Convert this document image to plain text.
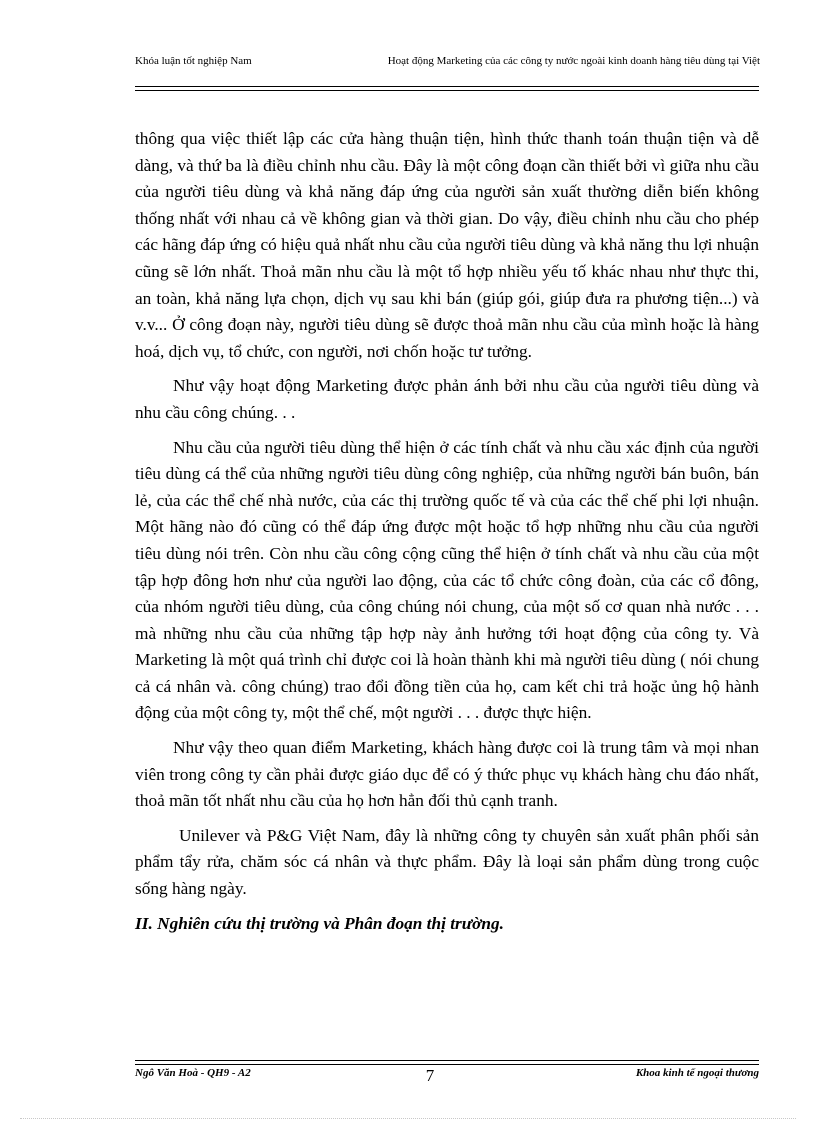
Khóa luận tốt nghiệp Nam	Hoạt động Marketing của các công ty nước ngoài kinh doanh hàng tiêu dùng tại Việt

thông qua việc thiết lập các cửa hàng thuận tiện, hình thức thanh toán thuận tiện và dễ dàng, và thứ ba là điều chỉnh nhu cầu. Đây là một công đoạn cần thiết bởi vì giữa nhu cầu của người tiêu dùng và khả năng đáp ứng của người sản xuất thường diễn biến không thống nhất với nhau cả về không gian và thời gian. Do vậy, điều chỉnh nhu cầu cho phép các hãng đáp ứng có hiệu quả nhất nhu cầu của người tiêu dùng và khả năng thu lợi nhuận cũng sẽ lớn nhất. Thoả mãn nhu cầu là một tổ hợp nhiều yếu tố khác nhau như thực thi, an toàn, khả năng lựa chọn, dịch vụ sau khi bán (giúp gói, giúp đưa ra phương tiện...) và v.v... Ở công đoạn này, người tiêu dùng sẽ được thoả mãn nhu cầu của mình hoặc là hàng hoá, dịch vụ, tổ chức, con người, nơi chốn hoặc tư tưởng.

Như vậy hoạt động Marketing được phản ánh bởi nhu cầu của người tiêu dùng và nhu cầu công chúng. . .

Nhu cầu của người tiêu dùng thể hiện ở các tính chất và nhu cầu xác định của người tiêu dùng cá thể của những người tiêu dùng công nghiệp, của những người bán buôn, bán lẻ, của các thể chế nhà nước, của các thị trường quốc tế và của các thể chế phi lợi nhuận. Một hãng nào đó cũng có thể đáp ứng được một hoặc tổ hợp những nhu cầu của người tiêu dùng nói trên. Còn nhu cầu công cộng cũng thể hiện ở tính chất và nhu cầu của một tập hợp đông hơn như của người lao động, của các tổ chức công đoàn, của các cổ đông, của nhóm người tiêu dùng, của công chúng nói chung, của một số cơ quan nhà nước . . . mà những nhu cầu của những tập hợp này ảnh hưởng tới hoạt động của công ty. Và Marketing là một quá trình chỉ được coi là hoàn thành khi mà người tiêu dùng ( nói chung cả cá nhân và. công chúng) trao đổi đồng tiền của họ, cam kết chi trả hoặc ủng hộ hành động của một công ty, một thể chế, một người . . . được thực hiện.

Như vậy theo quan điểm Marketing, khách hàng được coi là trung tâm và mọi nhan viên trong công ty cần phải được giáo dục để có ý thức phục vụ khách hàng chu đáo nhất, thoả mãn tốt nhất nhu cầu của họ hơn hẳn đối thủ cạnh tranh.

Unilever và P&G Việt Nam, đây là những công ty chuyên sản xuất phân phối sản phẩm tẩy rửa, chăm sóc cá nhân và thực phẩm. Đây là loại sản phẩm dùng trong cuộc sống hàng ngày.

II. Nghiên cứu thị trường và Phân đoạn thị trường.
Ngô Văn Hoà - QH9 - A2	7	Khoa kinh tế ngoại thương
